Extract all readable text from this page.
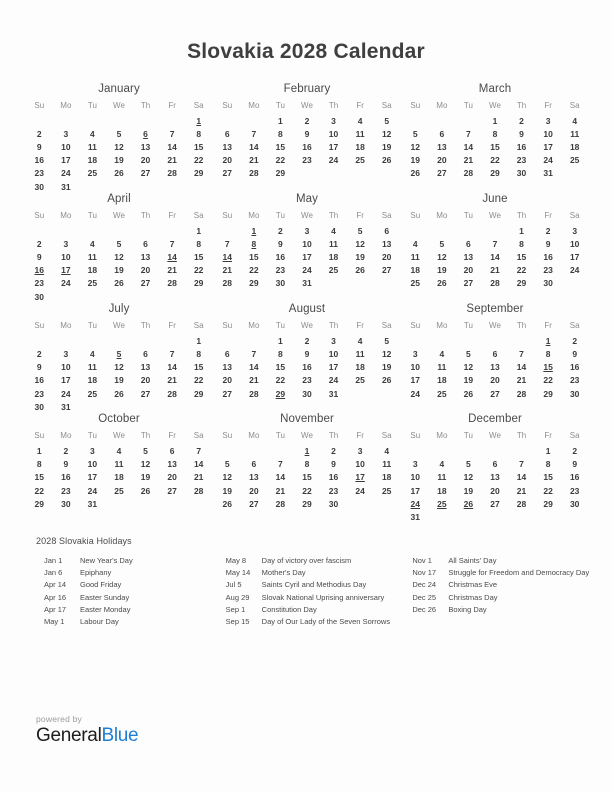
Slovakia 2028 Calendar
January
Su	Mo	Tu	We	Th	Fr	Sa
						1
2	3	4	5	6	7	8
9	10	11	12	13	14	15
16	17	18	19	20	21	22
23	24	25	26	27	28	29
30	31					
February
Su	Mo	Tu	We	Th	Fr	Sa
		1	2	3	4	5
6	7	8	9	10	11	12
13	14	15	16	17	18	19
20	21	22	23	24	25	26
27	28	29				
March
Su	Mo	Tu	We	Th	Fr	Sa
			1	2	3	4
5	6	7	8	9	10	11
12	13	14	15	16	17	18
19	20	21	22	23	24	25
26	27	28	29	30	31	
April
Su	Mo	Tu	We	Th	Fr	Sa
						1
2	3	4	5	6	7	8
9	10	11	12	13	14	15
16	17	18	19	20	21	22
23	24	25	26	27	28	29
30						
May
Su	Mo	Tu	We	Th	Fr	Sa
	1	2	3	4	5	6
7	8	9	10	11	12	13
14	15	16	17	18	19	20
21	22	23	24	25	26	27
28	29	30	31			
June
Su	Mo	Tu	We	Th	Fr	Sa
				1	2	3
4	5	6	7	8	9	10
11	12	13	14	15	16	17
18	19	20	21	22	23	24
25	26	27	28	29	30	
July
Su	Mo	Tu	We	Th	Fr	Sa
						1
2	3	4	5	6	7	8
9	10	11	12	13	14	15
16	17	18	19	20	21	22
23	24	25	26	27	28	29
30	31					
August
Su	Mo	Tu	We	Th	Fr	Sa
		1	2	3	4	5
6	7	8	9	10	11	12
13	14	15	16	17	18	19
20	21	22	23	24	25	26
27	28	29	30	31		
September
Su	Mo	Tu	We	Th	Fr	Sa
					1	2
3	4	5	6	7	8	9
10	11	12	13	14	15	16
17	18	19	20	21	22	23
24	25	26	27	28	29	30
October
Su	Mo	Tu	We	Th	Fr	Sa
1	2	3	4	5	6	7
8	9	10	11	12	13	14
15	16	17	18	19	20	21
22	23	24	25	26	27	28
29	30	31				
November
Su	Mo	Tu	We	Th	Fr	Sa
			1	2	3	4
5	6	7	8	9	10	11
12	13	14	15	16	17	18
19	20	21	22	23	24	25
26	27	28	29	30		
December
Su	Mo	Tu	We	Th	Fr	Sa
					1	2
3	4	5	6	7	8	9
10	11	12	13	14	15	16
17	18	19	20	21	22	23
24	25	26	27	28	29	30
31						
2028 Slovakia Holidays
Jan 1	New Year's Day
Jan 6	Epiphany
Apr 14	Good Friday
Apr 16	Easter Sunday
Apr 17	Easter Monday
May 1	Labour Day
May 8	Day of victory over fascism
May 14	Mother's Day
Jul 5	Saints Cyril and Methodius Day
Aug 29	Slovak National Uprising anniversary
Sep 1	Constitution Day
Sep 15	Day of Our Lady of the Seven Sorrows
Nov 1	All Saints' Day
Nov 17	Struggle for Freedom and Democracy Day
Dec 24	Christmas Eve
Dec 25	Christmas Day
Dec 26	Boxing Day
powered by
GeneralBlue
